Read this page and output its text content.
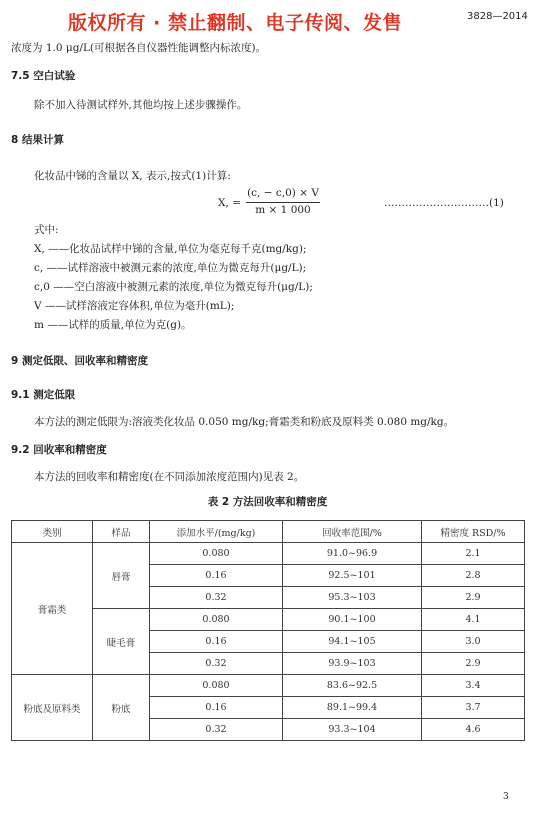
版权所有 · 禁止翻制、电子传阅、发售	3828—2014
浓度为 1.0 μg/L(可根据各自仪器性能调整内标浓度)。
7.5 空白试验
除不加入待测试样外,其他均按上述步骤操作。
8 结果计算
化妆品中锑的含量以 X, 表示,按式(1)计算:
X, =
(c, − c,0) × V
m × 1 000
…………………………(1)
式中:
X, ——化妆品试样中锑的含量,单位为毫克每千克(mg/kg);
c, ——试样溶液中被测元素的浓度,单位为微克每升(μg/L);
c,0 ——空白溶液中被测元素的浓度,单位为微克每升(μg/L);
V ——试样溶液定容体积,单位为毫升(mL);
m ——试样的质量,单位为克(g)。
9 测定低限、回收率和精密度
9.1 测定低限
本方法的测定低限为:溶液类化妆品 0.050 mg/kg;膏霜类和粉底及原料类 0.080 mg/kg。
9.2 回收率和精密度
本方法的回收率和精密度(在不同添加浓度范围内)见表 2。
表 2 方法回收率和精密度
类别	样品	添加水平/(mg/kg)	回收率范围/%	精密度 RSD/%
膏霜类	唇膏	0.080	91.0~96.9	2.1
		0.16	92.5~101	2.8
		0.32	95.3~103	2.9
	睫毛膏	0.080	90.1~100	4.1
		0.16	94.1~105	3.0
		0.32	93.9~103	2.9
粉底及原料类	粉底	0.080	83.6~92.5	3.4
		0.16	89.1~99.4	3.7
		0.32	93.3~104	4.6
3
